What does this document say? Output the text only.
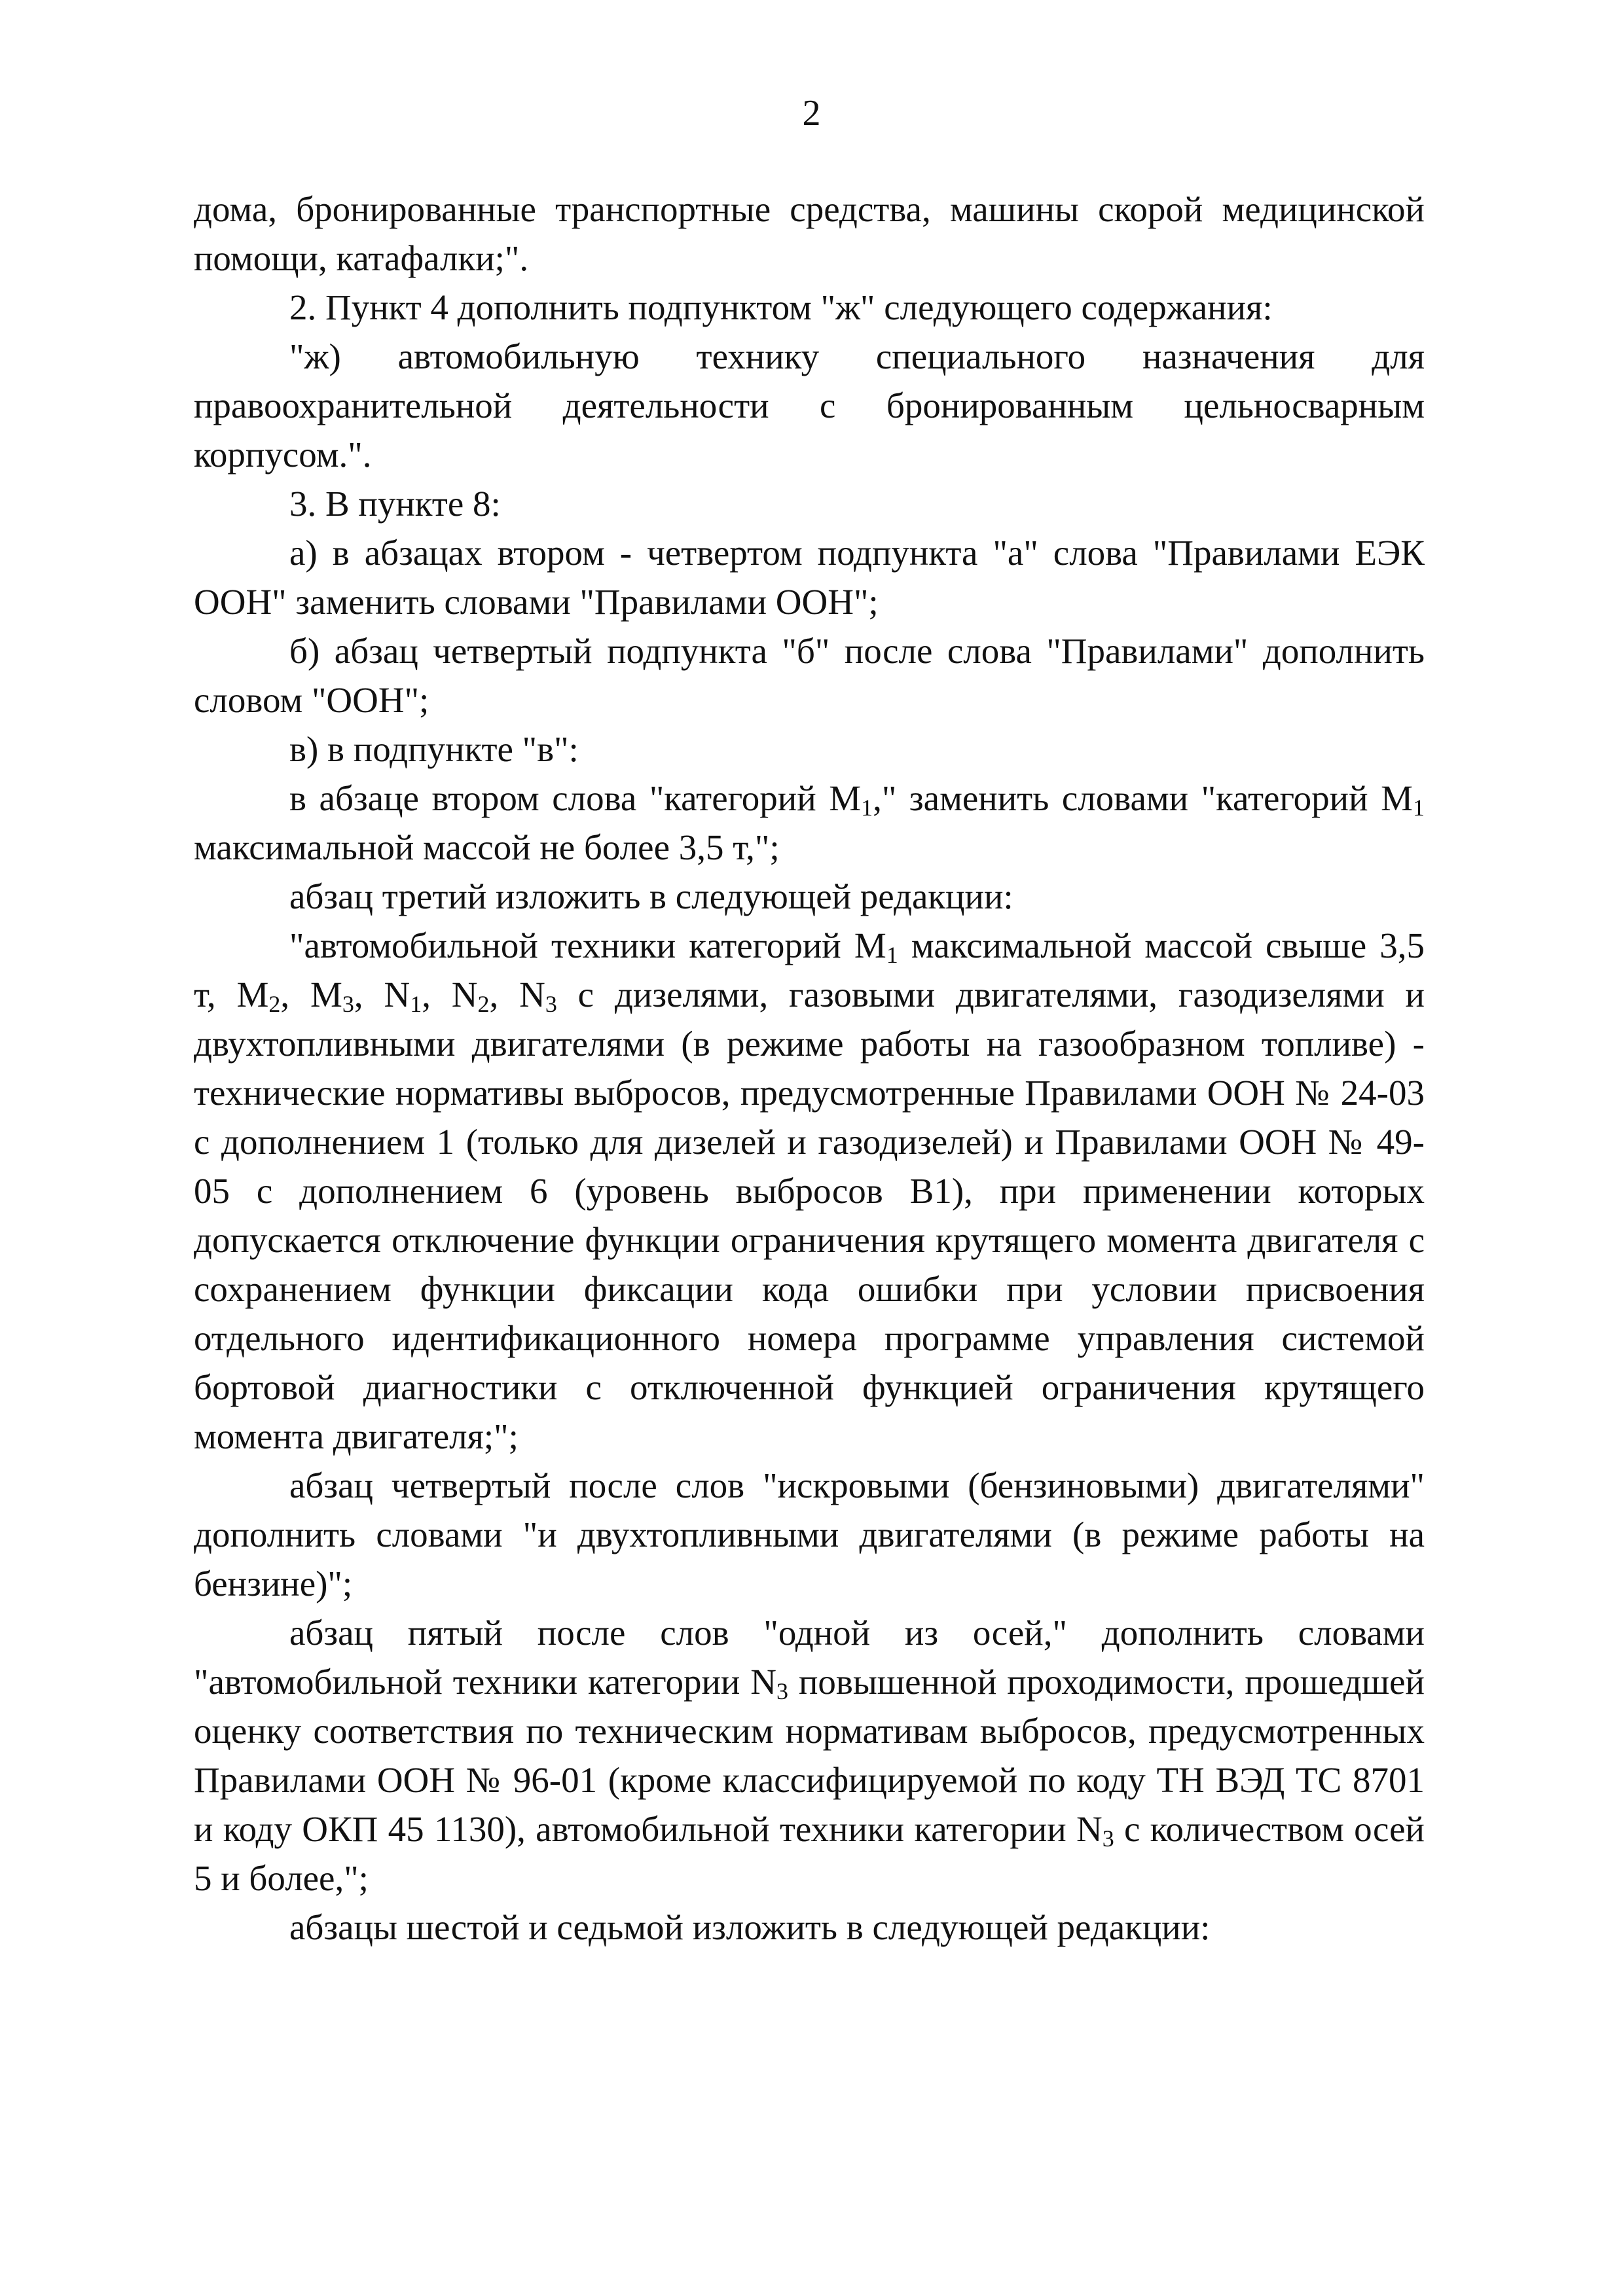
2

дома, бронированные транспортные средства, машины скорой медицинской помощи, катафалки;".

2. Пункт 4 дополнить подпунктом "ж" следующего содержания:

"ж) автомобильную технику специального назначения для правоохранительной деятельности с бронированным цельносварным корпусом.".

3. В пункте 8:

а) в абзацах втором - четвертом подпункта "а" слова "Правилами ЕЭК ООН" заменить словами "Правилами ООН";

б) абзац четвертый подпункта "б" после слова "Правилами" дополнить словом "ООН";

в) в подпункте "в":

в абзаце втором слова "категорий $M_1$," заменить словами "категорий $M_1$ максимальной массой не более 3,5 т,";

абзац третий изложить в следующей редакции:

"автомобильной техники категорий $M_1$ максимальной массой свыше 3,5 т, $M_2$, $M_3$, $N_1$, $N_2$, $N_3$ с дизелями, газовыми двигателями, газодизелями и двухтопливными двигателями (в режиме работы на газообразном топливе) - технические нормативы выбросов, предусмотренные Правилами ООН № 24-03 с дополнением 1 (только для дизелей и газодизелей) и Правилами ООН № 49-05 с дополнением 6 (уровень выбросов B1), при применении которых допускается отключение функции ограничения крутящего момента двигателя с сохранением функции фиксации кода ошибки при условии присвоения отдельного идентификационного номера программе управления системой бортовой диагностики с отключенной функцией ограничения крутящего момента двигателя;";

абзац четвертый после слов "искровыми (бензиновыми) двигателями" дополнить словами "и двухтопливными двигателями (в режиме работы на бензине)";

абзац пятый после слов "одной из осей," дополнить словами "автомобильной техники категории $N_3$ повышенной проходимости, прошедшей оценку соответствия по техническим нормативам выбросов, предусмотренных Правилами ООН № 96-01 (кроме классифицируемой по коду ТН ВЭД ТС 8701 и коду ОКП 45 1130), автомобильной техники категории $N_3$ с количеством осей 5 и более,";

абзацы шестой и седьмой изложить в следующей редакции:
